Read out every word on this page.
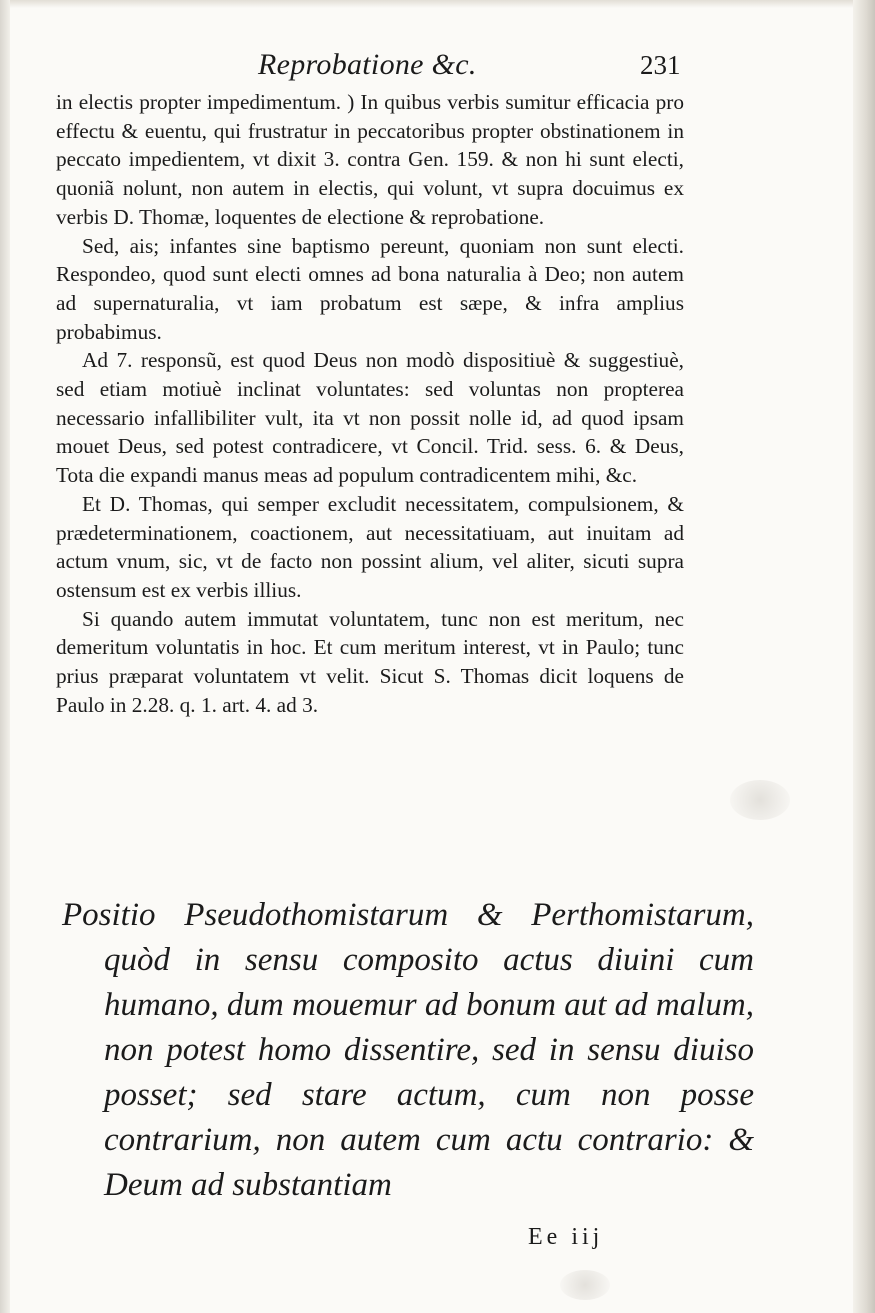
Reprobatione &c.	231

in electis propter impedimentum. ) In quibus verbis sumitur efficacia pro effectu & euentu, qui frustratur in peccatoribus propter obstinationem in peccato impedientem, vt dixit 3. contra Gen. 159. & non hi sunt electi, quoniã nolunt, non autem in electis, qui volunt, vt supra docuimus ex verbis D. Thomæ, loquentes de electione & reprobatione.

Sed, ais; infantes sine baptismo pereunt, quoniam non sunt electi. Respondeo, quod sunt electi omnes ad bona naturalia à Deo; non autem ad supernaturalia, vt iam probatum est sæpe, & infra amplius probabimus.

Ad 7. responsũ, est quod Deus non modò dispositiuè & suggestiuè, sed etiam motiuè inclinat voluntates: sed voluntas non propterea necessario infallibiliter vult, ita vt non possit nolle id, ad quod ipsam mouet Deus, sed potest contradicere, vt Concil. Trid. sess. 6. & Deus, Tota die expandi manus meas ad populum contradicentem mihi, &c.

Et D. Thomas, qui semper excludit necessitatem, compulsionem, & prædeterminationem, coactionem, aut necessitatiuam, aut inuitam ad actum vnum, sic, vt de facto non possint alium, vel aliter, sicuti supra ostensum est ex verbis illius.

Si quando autem immutat voluntatem, tunc non est meritum, nec demeritum voluntatis in hoc. Et cum meritum interest, vt in Paulo; tunc prius præparat voluntatem vt velit. Sicut S. Thomas dicit loquens de Paulo in 2.28. q. 1. art. 4. ad 3.

Positio Pseudothomistarum & Perthomistarum, quòd in sensu composito actus diuini cum humano, dum mouemur ad bonum aut ad malum, non potest homo dissentire, sed in sensu diuiso posset; sed stare actum, cum non posse contrarium, non autem cum actu contrario: & Deum ad substantiam
Ee iij
